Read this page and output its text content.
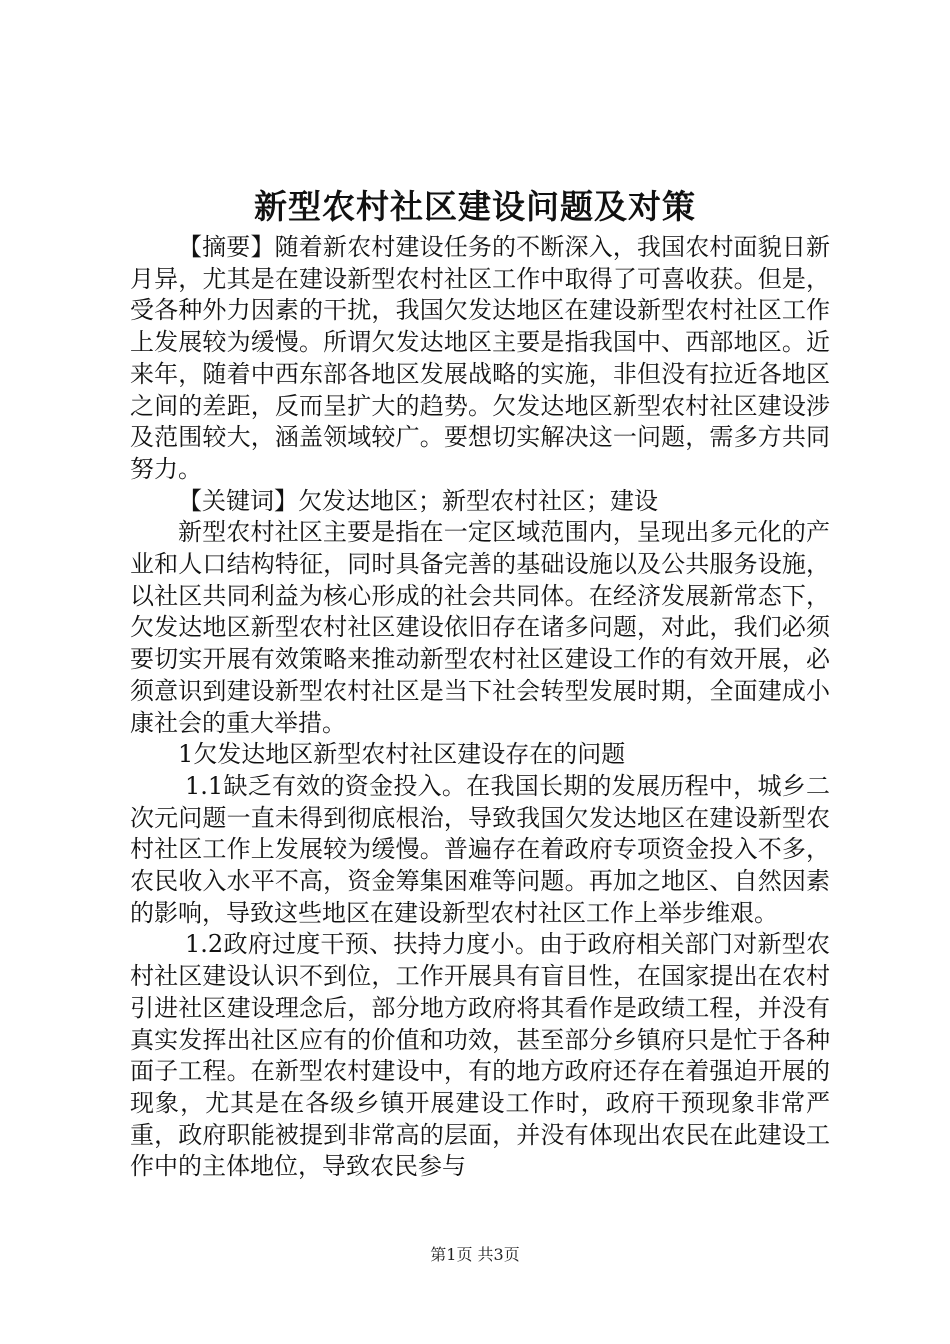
新型农村社区建设问题及对策

【摘要】随着新农村建设任务的不断深入，我国农村面貌日新月异，尤其是在建设新型农村社区工作中取得了可喜收获。但是，受各种外力因素的干扰，我国欠发达地区在建设新型农村社区工作上发展较为缓慢。所谓欠发达地区主要是指我国中、西部地区。近来年，随着中西东部各地区发展战略的实施，非但没有拉近各地区之间的差距，反而呈扩大的趋势。欠发达地区新型农村社区建设涉及范围较大，涵盖领域较广。要想切实解决这一问题，需多方共同努力。

【关键词】欠发达地区；新型农村社区；建设

新型农村社区主要是指在一定区域范围内，呈现出多元化的产业和人口结构特征，同时具备完善的基础设施以及公共服务设施，以社区共同利益为核心形成的社会共同体。在经济发展新常态下，欠发达地区新型农村社区建设依旧存在诸多问题，对此，我们必须要切实开展有效策略来推动新型农村社区建设工作的有效开展，必须意识到建设新型农村社区是当下社会转型发展时期，全面建成小康社会的重大举措。

1欠发达地区新型农村社区建设存在的问题

1.1缺乏有效的资金投入。在我国长期的发展历程中，城乡二次元问题一直未得到彻底根治，导致我国欠发达地区在建设新型农村社区工作上发展较为缓慢。普遍存在着政府专项资金投入不多，农民收入水平不高，资金筹集困难等问题。再加之地区、自然因素的影响，导致这些地区在建设新型农村社区工作上举步维艰。

1.2政府过度干预、扶持力度小。由于政府相关部门对新型农村社区建设认识不到位，工作开展具有盲目性，在国家提出在农村引进社区建设理念后，部分地方政府将其看作是政绩工程，并没有真实发挥出社区应有的价值和功效，甚至部分乡镇府只是忙于各种面子工程。在新型农村建设中，有的地方政府还存在着强迫开展的现象，尤其是在各级乡镇开展建设工作时，政府干预现象非常严重，政府职能被提到非常高的层面，并没有体现出农民在此建设工作中的主体地位，导致农民参与

第1页 共3页
